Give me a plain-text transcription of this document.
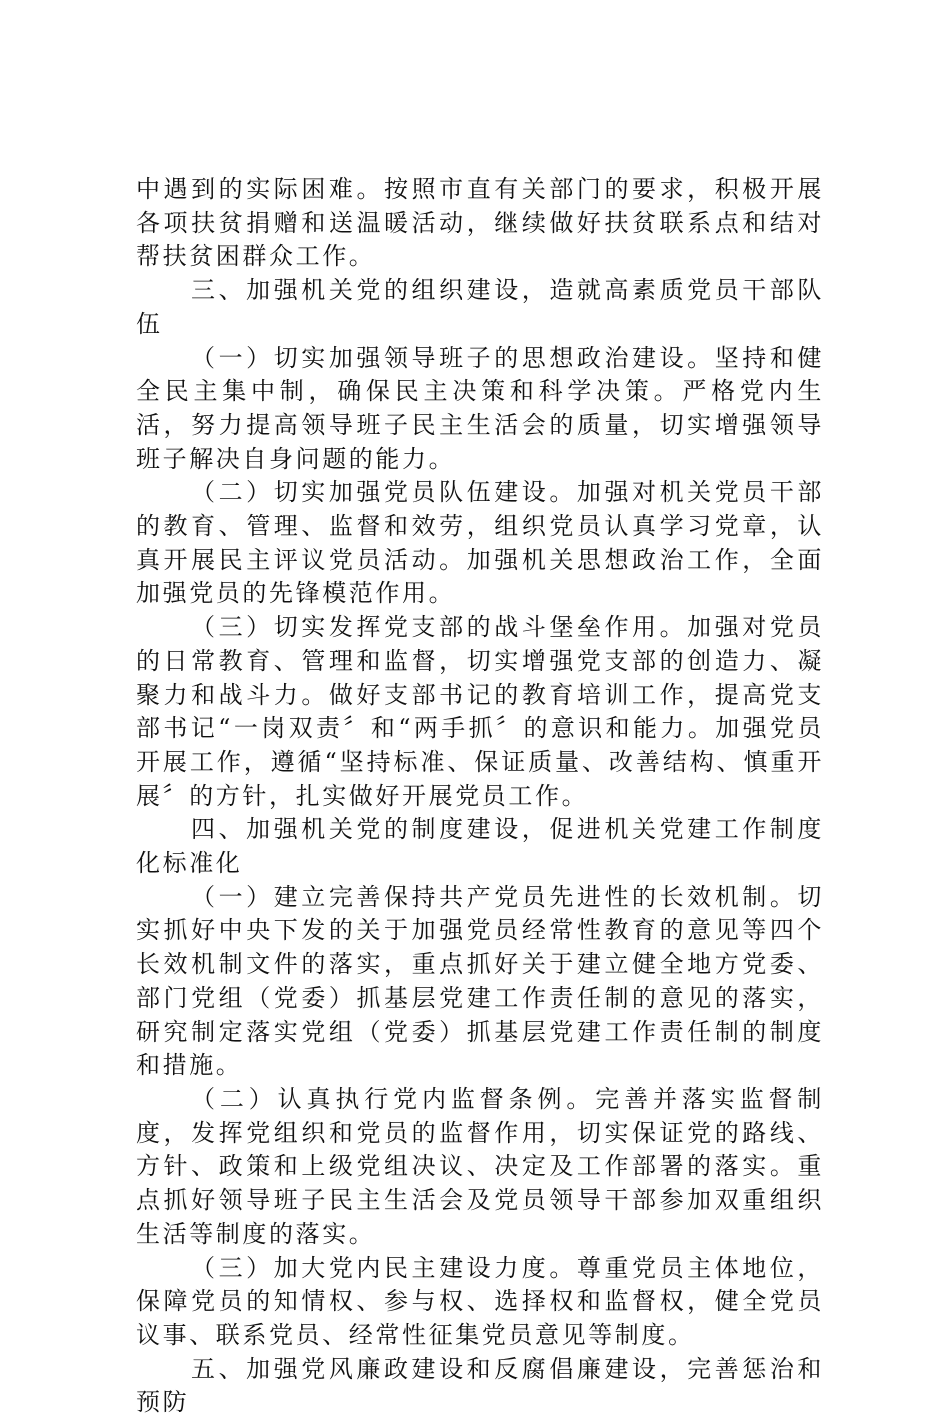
中遇到的实际困难。按照市直有关部门的要求，积极开展各项扶贫捐赠和送温暖活动，继续做好扶贫联系点和结对帮扶贫困群众工作。

三、加强机关党的组织建设，造就高素质党员干部队伍

（一）切实加强领导班子的思想政治建设。坚持和健全民主集中制，确保民主决策和科学决策。严格党内生活，努力提高领导班子民主生活会的质量，切实增强领导班子解决自身问题的能力。

（二）切实加强党员队伍建设。加强对机关党员干部的教育、管理、监督和效劳，组织党员认真学习党章，认真开展民主评议党员活动。加强机关思想政治工作，全面加强党员的先锋模范作用。

（三）切实发挥党支部的战斗堡垒作用。加强对党员的日常教育、管理和监督，切实增强党支部的创造力、凝聚力和战斗力。做好支部书记的教育培训工作，提高党支部书记“一岗双责〞和“两手抓〞的意识和能力。加强党员开展工作，遵循“坚持标准、保证质量、改善结构、慎重开展〞的方针，扎实做好开展党员工作。

四、加强机关党的制度建设，促进机关党建工作制度化标准化

（一）建立完善保持共产党员先进性的长效机制。切实抓好中央下发的关于加强党员经常性教育的意见等四个长效机制文件的落实，重点抓好关于建立健全地方党委、部门党组（党委）抓基层党建工作责任制的意见的落实，研究制定落实党组（党委）抓基层党建工作责任制的制度和措施。

（二）认真执行党内监督条例。完善并落实监督制度，发挥党组织和党员的监督作用，切实保证党的路线、方针、政策和上级党组决议、决定及工作部署的落实。重点抓好领导班子民主生活会及党员领导干部参加双重组织生活等制度的落实。

（三）加大党内民主建设力度。尊重党员主体地位，保障党员的知情权、参与权、选择权和监督权，健全党员议事、联系党员、经常性征集党员意见等制度。

五、加强党风廉政建设和反腐倡廉建设，完善惩治和预防
